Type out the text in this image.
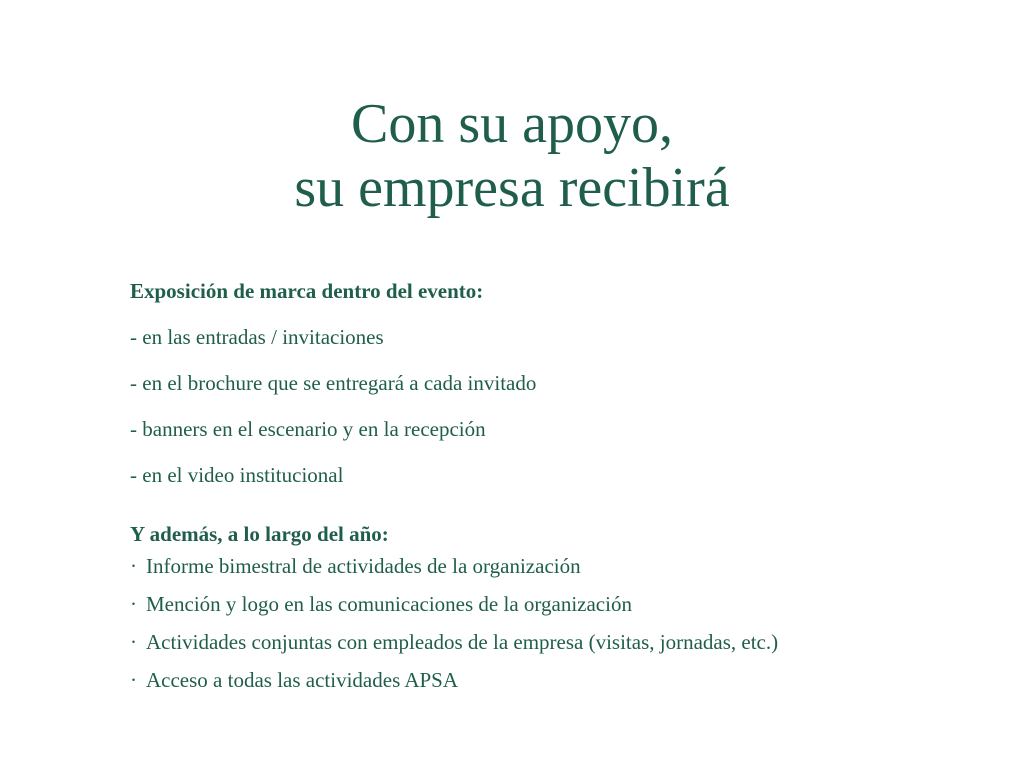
Con su apoyo,
su empresa recibirá
Exposición de marca dentro del evento:
- en las entradas / invitaciones
- en el brochure que se entregará a cada invitado
- banners en el escenario y en la recepción
- en el video institucional
Y además, a lo largo del año:
· Informe bimestral de actividades de la organización
· Mención y logo en las comunicaciones de la organización
· Actividades conjuntas con empleados de la empresa (visitas, jornadas, etc.)
· Acceso a todas las actividades APSA
